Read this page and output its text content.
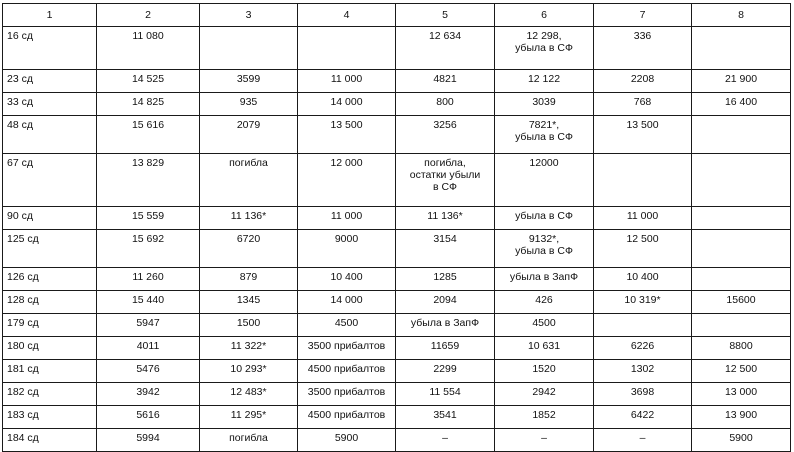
1	2	3	4	5	6	7	8
16 сд	11 080			12 634	12 298,
убыла в СФ	336	
23 сд	14 525	3599	11 000	4821	12 122	2208	21 900
33 сд	14 825	935	14 000	800	3039	768	16 400
48 сд	15 616	2079	13 500	3256	7821*,
убыла в СФ	13 500	
67 сд	13 829	погибла	12 000	погибла,
остатки убыли
в СФ	12000		
90 сд	15 559	11 136*	11 000	11 136*	убыла в СФ	11 000	
125 сд	15 692	6720	9000	3154	9132*,
убыла в СФ	12 500	
126 сд	11 260	879	10 400	1285	убыла в ЗапФ	10 400	
128 сд	15 440	1345	14 000	2094	426	10 319*	15600
179 сд	5947	1500	4500	убыла в ЗапФ	4500		
180 сд	4011	11 322*	3500 прибалтов	11659	10 631	6226	8800
181 сд	5476	10 293*	4500 прибалтов	2299	1520	1302	12 500
182 сд	3942	12 483*	3500 прибалтов	11 554	2942	3698	13 000
183 сд	5616	11 295*	4500 прибалтов	3541	1852	6422	13 900
184 сд	5994	погибла	5900	–	–	–	5900
